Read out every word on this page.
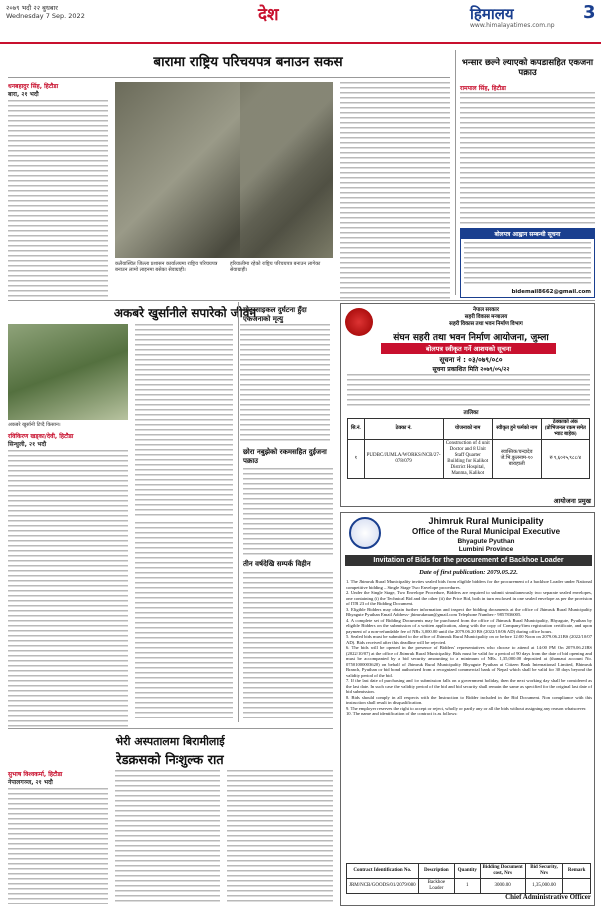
२०७९ भदौ २२ बुधबार
Wednesday 7 Sep. 2022	देश	हिमालय
www.himalayatimes.com.np
3
बारामा राष्ट्रिय परिचयपत्र बनाउन सकस
धनबहादुर सिंह, हिटौडा
बारा, २१ भदौ
कलैयास्थित जिल्ला प्रशासन कार्यालयमा राष्ट्रिय परिचयपत्र बनाउन लामो लाइनमा बसेका सेवाग्राही।
हरियालीमा रहेको राष्ट्रिय परिचयपत्र बनाउन लागेका सेवाग्राही।
भन्सार छल्ने ल्याएको कपडासहित एकजना पक्राउ
रामपाल सिंह, हिटौडा
बोलपत्र आह्वान सम्बन्धी सूचना
bidemail8662@gmail.com
अकबरे खुर्सानीले सपारेको जीवन
अकबरे खुर्सानी टिप्दै किसान।
रविकिरण खड्का/देवी, हिटौडा
सिन्धुली, २१ भदौ
मोटरसाइकल दुर्घटना हुँदा एकजनाको मृत्यु
छोरा नबुझेको रकमसहित दुईजना पक्राउ
तीन वर्षदेखि सम्पर्क विहीन
भेरी अस्पतालमा बिरामीलाई
रेडक्रसको निःशुल्क रात
सुभाष विश्वकर्मा, हिटौडा
नेपालगञ्ज, २१ भदौ
नेपाल सरकार
सहरी विकास मन्त्रालय
सहरी विकास तथा भवन निर्माण विभाग
संघन सहरी तथा भवन निर्माण आयोजना, जुम्ला
बोलपत्र स्वीकृत गर्ने आशयको सूचना
सूचना नं : ०३/०७९/०८०
सूचना प्रकाशित मिति २०७९/०५/२२
तालिका
सि.नं.	ठेक्का नं.	योजनाको नाम	स्वीकृत हुने फर्मको नाम	ठेक्काको अंक (प्रोभिजनल रकम समेत भ्याट बाहेक)
१	PUDBC/JUMLA/WORKS/NCB/27-078/079	Construction of 4 unit Doctor and 8 Unit Staff Quarter Building for Kalikot District Hospital, Manma, Kalikot	स्वास्तिक/चन्दादेव जे.भि.कुलनाम-१० बाराहाली	रु ९,६०२५,९८८/४
आयोजना प्रमुख
Jhimruk Rural Municipality
Office of the Rural Municipal Executive
Bhyagute Pyuthan
Lumbini Province
Invitation of Bids for the procurement of Backhoe Loader
Date of first publication: 2079.05.22.

1. The Jhimruk Rural Municipality invites sealed bids from eligible bidders for the procurement of a backhoe Loader under National competitive bidding – Single Stage Two Envelope procedures.

2. Under the Single Stage, Two Envelope Procedure, Bidders are required to submit simultaneously two separate sealed envelopes, one containing (i) the Technical Bid and the other (ii) the Price Bid, both in turn enclosed in one sealed envelope as per the provision of ITB 23 of the Bidding Document.

3. Eligible Bidders may obtain further information and inspect the bidding documents at the office of Jhimruk Rural Municipality Bhyagute Pyuthan Email Address- jhimrukmun@gmail.com Telephone Number:- 9857836005.

4. A complete set of Bidding Documents may be purchased from the office of Jhimruk Rural Municipality, Bhyagute, Pyuthan by eligible Bidders on the submission of a written application, along with the copy of Company/firm registration certificate, and upon payment of a non-refundable fee of NRs 3,000.00 until the 2079.06.20 BS (2022/10/06 AD) during office hours.

5. Sealed bids must be submitted to the office of Jhimruk Rural Municipality on or before 12:00 Noon on 2079.06.21BS (2022/10/07 AD). Bids received after this deadline will be rejected.

6. The bids will be opened in the presence of Bidders' representatives who choose to attend at 14:00 PM On 2079.06.21BS (2022/10/07) at the office of Jhimruk Rural Municipality. Bids must be valid for a period of 90 days from the date of bid opening and must be accompanied by a bid security amounting to a minimum of NRs. 1,35,000.00 deposited at (thamaui account No. 07501000003620) on behalf of Jhimruk Rural Municipality Bhyagute Pyuthan at Citizen Bank International Limited, Bhimruk Branch, Pyuthan or bid bond authorized from a recognized commercial bank of Nepal which shall be valid for 30 days beyond the validity period of the bid.

7. If the last date of purchasing and /or submission falls on a government holiday, then the next working day shall be considered as the last date. In such case the validity period of the bid and bid security shall remain the same as specified for the original last date of bid submission.

8. Bids should comply in all respects with the Instruction to Bidder included in the Bid Document. Non compliance with this instruction shall result in disqualification.

9. The employer reserves the right to accept or reject, wholly or partly any or all the bids without assigning any reason whatsoever.

10. The name and identification of the contract is as follows:

Contract Identification No.	Description	Quantity	Bidding Document cost, Nrs	Bid Security, Nrs	Remark
JRM/NCB/GOODS/01/2079/080	Backhoe Loader	1	3000.00	1,35,000.00	
Chief Administrative Officer
